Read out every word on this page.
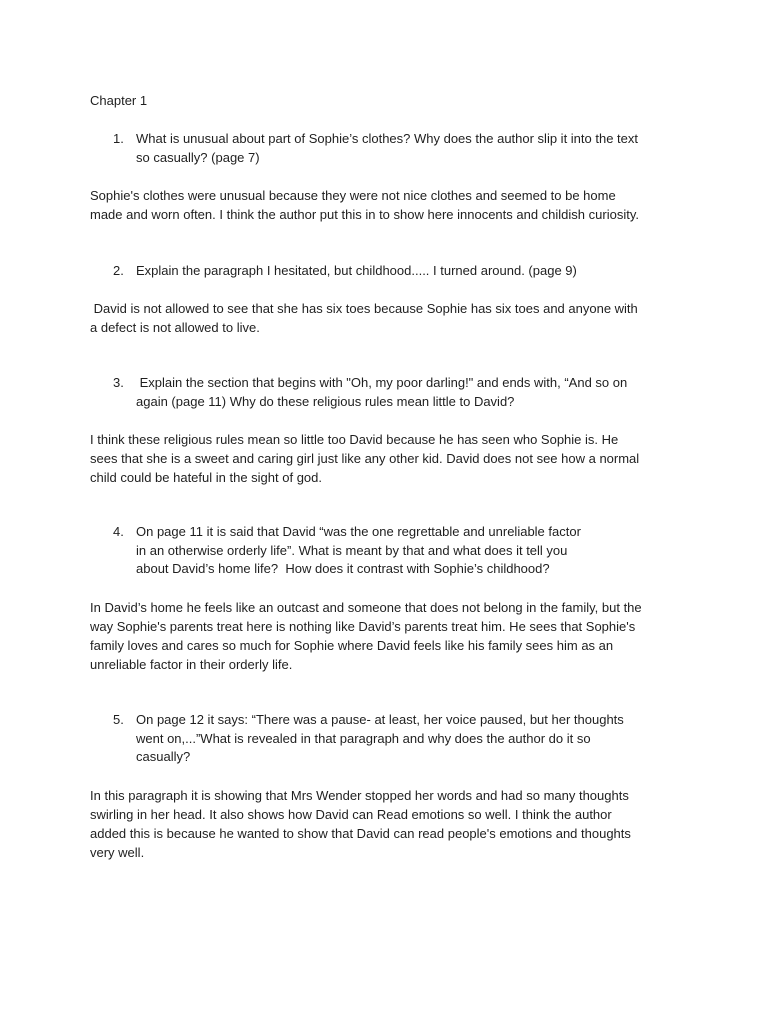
Chapter 1
1. What is unusual about part of Sophie’s clothes? Why does the author slip it into the text
so casually? (page 7)
Sophie's clothes were unusual because they were not nice clothes and seemed to be home
made and worn often. I think the author put this in to show here innocents and childish curiosity.
2. Explain the paragraph I hesitated, but childhood..... I turned around. (page 9)
David is not allowed to see that she has six toes because Sophie has six toes and anyone with
a defect is not allowed to live.
3. Explain the section that begins with "Oh, my poor darling!" and ends with, “And so on
again (page 11) Why do these religious rules mean little to David?
I think these religious rules mean so little too David because he has seen who Sophie is. He
sees that she is a sweet and caring girl just like any other kid. David does not see how a normal
child could be hateful in the sight of god.
4. On page 11 it is said that David “was the one regrettable and unreliable factor
in an otherwise orderly life”. What is meant by that and what does it tell you
about David’s home life?  How does it contrast with Sophie’s childhood?
In David’s home he feels like an outcast and someone that does not belong in the family, but the
way Sophie's parents treat here is nothing like David’s parents treat him. He sees that Sophie's
family loves and cares so much for Sophie where David feels like his family sees him as an
unreliable factor in their orderly life.
5. On page 12 it says: “There was a pause- at least, her voice paused, but her thoughts
went on,...”What is revealed in that paragraph and why does the author do it so
casually?
In this paragraph it is showing that Mrs Wender stopped her words and had so many thoughts
swirling in her head. It also shows how David can Read emotions so well. I think the author
added this is because he wanted to show that David can read people's emotions and thoughts
very well.
